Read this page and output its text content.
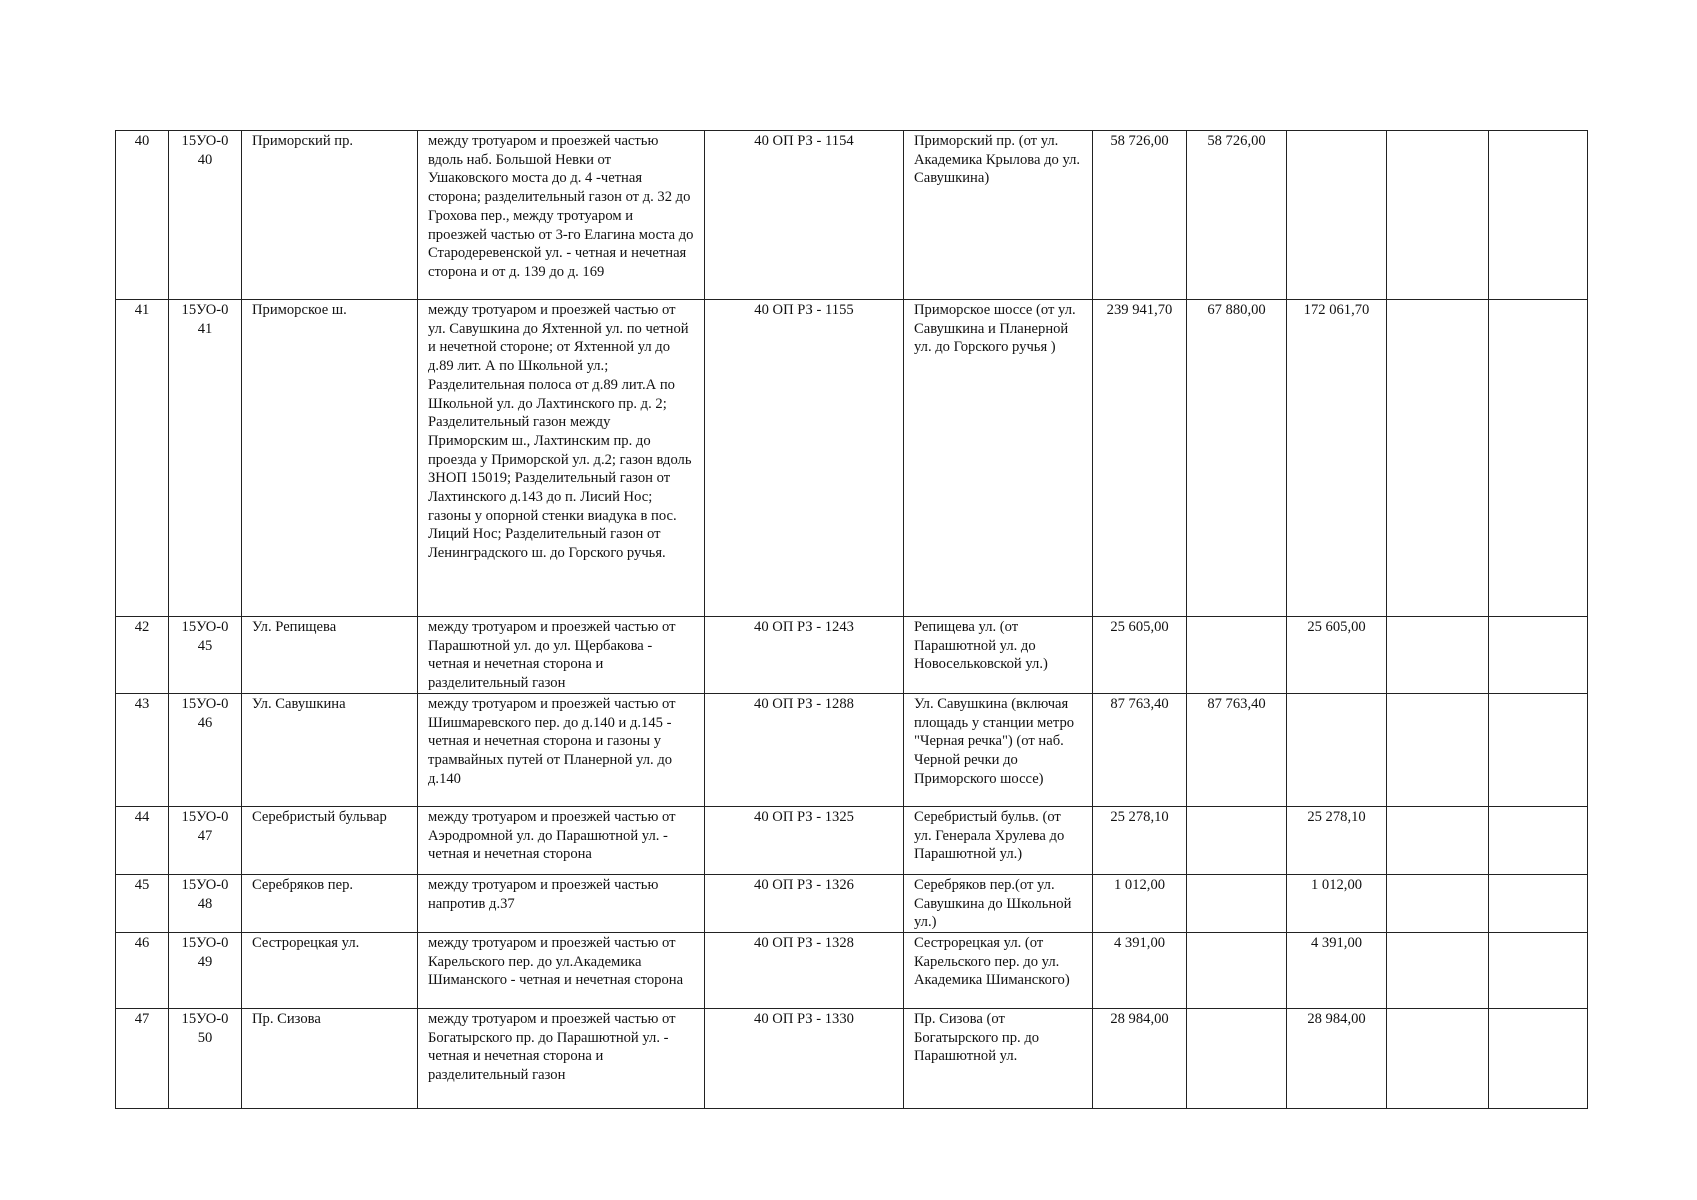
40	15УО-040	Приморский пр.	между тротуаром и проезжей частью вдоль наб. Большой Невки от Ушаковского моста до д. 4 -четная сторона; разделительный газон от д. 32 до Грохова пер., между тротуаром и проезжей частью от 3-го Елагина моста до Стародеревенской ул. - четная и нечетная сторона и от д. 139 до д. 169	40 ОП РЗ - 1154	Приморский пр. (от ул. Академика Крылова до ул. Савушкина)	58 726,00	58 726,00			
41	15УО-041	Приморское ш.	между тротуаром и проезжей частью от ул. Савушкина до Яхтенной ул. по четной и нечетной стороне; от Яхтенной ул до д.89 лит. А по Школьной ул.; Разделительная полоса от д.89 лит.А по Школьной ул. до Лахтинского пр. д. 2; Разделительный газон между Приморским ш., Лахтинским пр. до проезда у Приморской ул. д.2; газон вдоль ЗНОП 15019; Разделительный газон от Лахтинского д.143 до п. Лисий Нос; газоны у опорной стенки виадука в пос. Лиций Нос; Разделительный газон от Ленинградского ш. до Горского ручья.	40 ОП РЗ - 1155	Приморское шоссе (от ул. Савушкина и Планерной ул. до Горского ручья )	239 941,70	67 880,00	172 061,70		
42	15УО-045	Ул. Репищева	между тротуаром и проезжей частью от Парашютной ул. до ул. Щербакова - четная и нечетная сторона и разделительный газон	40 ОП РЗ - 1243	Репищева ул. (от Парашютной ул. до Новосельковской ул.)	25 605,00		25 605,00		
43	15УО-046	Ул. Савушкина	между тротуаром и проезжей частью от Шишмаревского пер. до д.140 и д.145 - четная и нечетная сторона и газоны у трамвайных путей от Планерной ул. до д.140	40 ОП РЗ - 1288	Ул. Савушкина (включая площадь у станции метро "Черная речка") (от наб. Черной речки до Приморского шоссе)	87 763,40	87 763,40			
44	15УО-047	Серебристый бульвар	между тротуаром и проезжей частью от Аэродромной ул. до Парашютной ул. - четная и нечетная сторона	40 ОП РЗ - 1325	Серебристый бульв. (от ул. Генерала Хрулева до Парашютной ул.)	25 278,10		25 278,10		
45	15УО-048	Серебряков пер.	между тротуаром и проезжей частью напротив д.37	40 ОП РЗ - 1326	Серебряков пер.(от ул. Савушкина до Школьной ул.)	1 012,00		1 012,00		
46	15УО-049	Сестрорецкая ул.	между тротуаром и проезжей частью от Карельского пер. до ул.Академика Шиманского - четная и нечетная сторона	40 ОП РЗ - 1328	Сестрорецкая ул. (от Карельского пер. до ул. Академика Шиманского)	4 391,00		4 391,00		
47	15УО-050	Пр. Сизова	между тротуаром и проезжей частью от Богатырского пр. до Парашютной ул. - четная и нечетная сторона и разделительный газон	40 ОП РЗ - 1330	Пр. Сизова (от Богатырского пр. до Парашютной ул.	28 984,00		28 984,00		
